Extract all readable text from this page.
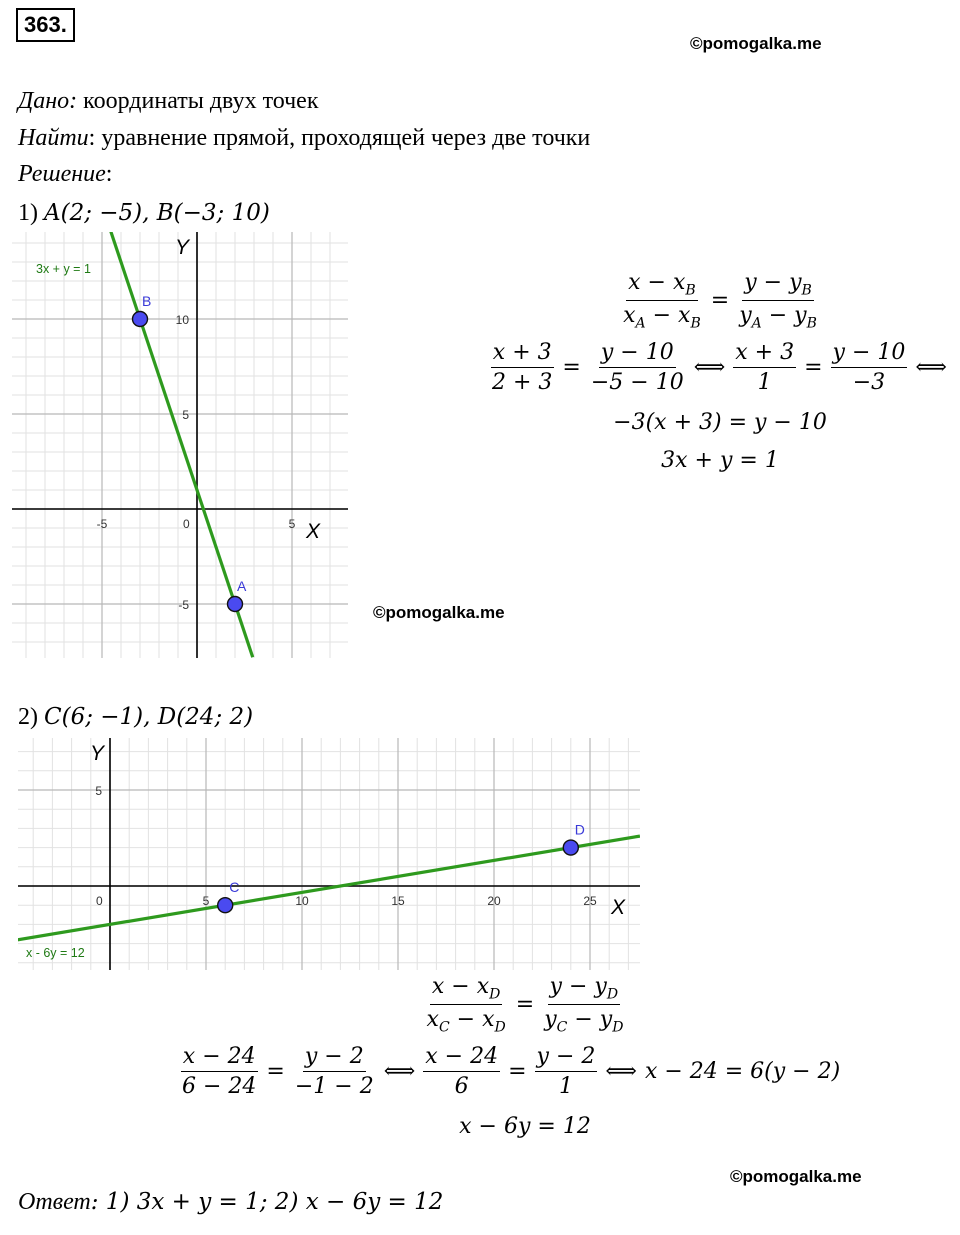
363.
©pomogalka.me
Дано: координаты двух точек
Найти: уравнение прямой, проходящей через две точки
Решение:
1) A(2; −5), B(−3; 10)
-5	0	5
10
5
-5
X
Y
3x + y = 1
B
A
©pomogalka.me
$\frac{x - x_B}{x_A - x_B} = \frac{y - y_B}{y_A - y_B}$
$\frac{x + 3}{2 + 3} = \frac{y - 10}{-5 - 10}$ ⟺ $\frac{x + 3}{1} = \frac{y - 10}{-3}$ ⟺
−3(x + 3) = y − 10
3x + y = 1
2) C(6; −1), D(24; 2)
0	5	10	15	20	25
5
X
Y
x - 6y = 12
C
D
$\frac{x - x_D}{x_C - x_D} = \frac{y - y_D}{y_C - y_D}$
$\frac{x - 24}{6 - 24} = \frac{y - 2}{-1 - 2}$ ⟺ $\frac{x - 24}{6} = \frac{y - 2}{1}$ ⟺ x − 24 = 6(y − 2)
x − 6y = 12
©pomogalka.me
Ответ: 1) 3x + y = 1; 2) x − 6y = 12
